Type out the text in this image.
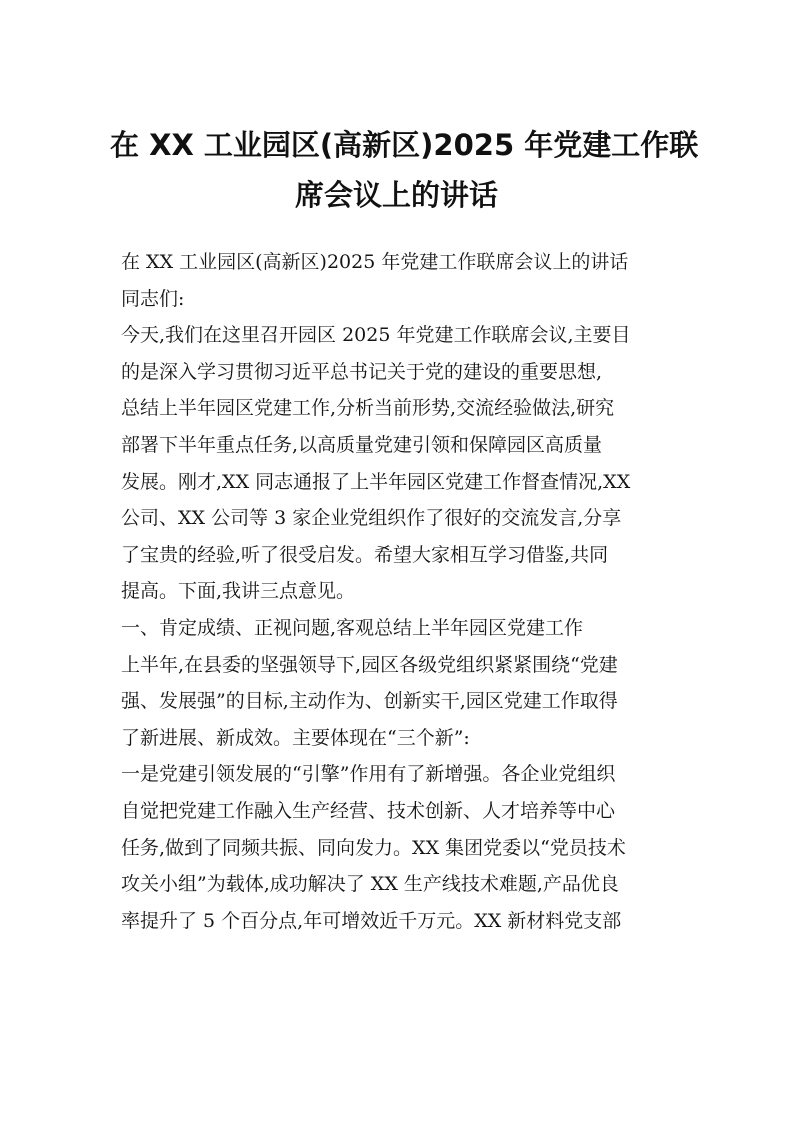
在 XX 工业园区(高新区)2025 年党建工作联
席会议上的讲话
在 XX 工业园区(高新区)2025 年党建工作联席会议上的讲话
同志们:
今天,我们在这里召开园区 2025 年党建工作联席会议,主要目
的是深入学习贯彻习近平总书记关于党的建设的重要思想,
总结上半年园区党建工作,分析当前形势,交流经验做法,研究
部署下半年重点任务,以高质量党建引领和保障园区高质量
发展。刚才,XX 同志通报了上半年园区党建工作督查情况,XX
公司、XX 公司等 3 家企业党组织作了很好的交流发言,分享
了宝贵的经验,听了很受启发。希望大家相互学习借鉴,共同
提高。下面,我讲三点意见。
一、肯定成绩、正视问题,客观总结上半年园区党建工作
上半年,在县委的坚强领导下,园区各级党组织紧紧围绕“党建
强、发展强”的目标,主动作为、创新实干,园区党建工作取得
了新进展、新成效。主要体现在“三个新”:
一是党建引领发展的“引擎”作用有了新增强。各企业党组织
自觉把党建工作融入生产经营、技术创新、人才培养等中心
任务,做到了同频共振、同向发力。XX 集团党委以“党员技术
攻关小组”为载体,成功解决了 XX 生产线技术难题,产品优良
率提升了 5 个百分点,年可增效近千万元。XX 新材料党支部
